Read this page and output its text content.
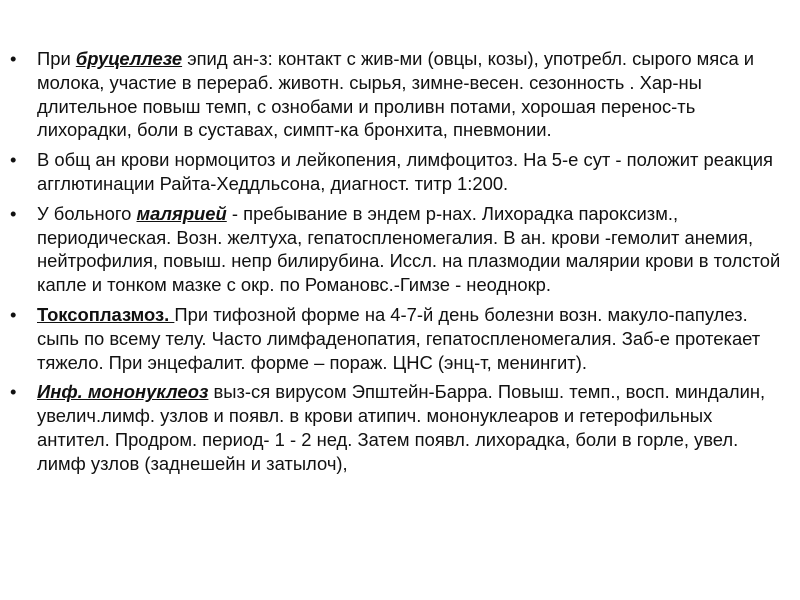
• При бруцеллезе эпид ан-з: контакт с жив-ми (овцы, козы), употребл. сырого мяса и молока, участие в перераб. животн. сырья, зимне-весен. сезонность . Хар-ны длительное повыш темп, с ознобами и проливн потами, хорошая перенос-ть лихорадки, боли в суставах, симпт-ка бронхита, пневмонии.
• В общ ан крови нормоцитоз и лейкопения, лимфоцитоз. На 5-е сут - положит реакция агглютинации Райта-Хеддльсона, диагност. титр 1:200.
• У больного малярией - пребывание в эндем р-нах. Лихорадка пароксизм., периодическая. Возн. желтуха, гепатоспленомегалия. В ан. крови -гемолит анемия, нейтрофилия, повыш. непр билирубина. Иссл. на плазмодии малярии крови в толстой капле и тонком мазке с окр. по Романовс.-Гимзе - неоднокр.
• Токсоплазмоз. При тифозной форме на 4-7-й день болезни возн. макуло-папулез. сыпь по всему телу. Часто лимфаденопатия, гепатоспленомегалия. Заб-е протекает тяжело. При энцефалит. форме – пораж. ЦНС (энц-т, менингит).
• Инф. мононуклеоз выз-ся вирусом Эпштейн-Барра. Повыш. темп., восп. миндалин, увелич.лимф. узлов и появл. в крови атипич. мононуклеаров и гетерофильных антител. Продром. период- 1 - 2 нед. Затем появл. лихорадка, боли в горле, увел. лимф узлов (заднешейн и затылоч),
